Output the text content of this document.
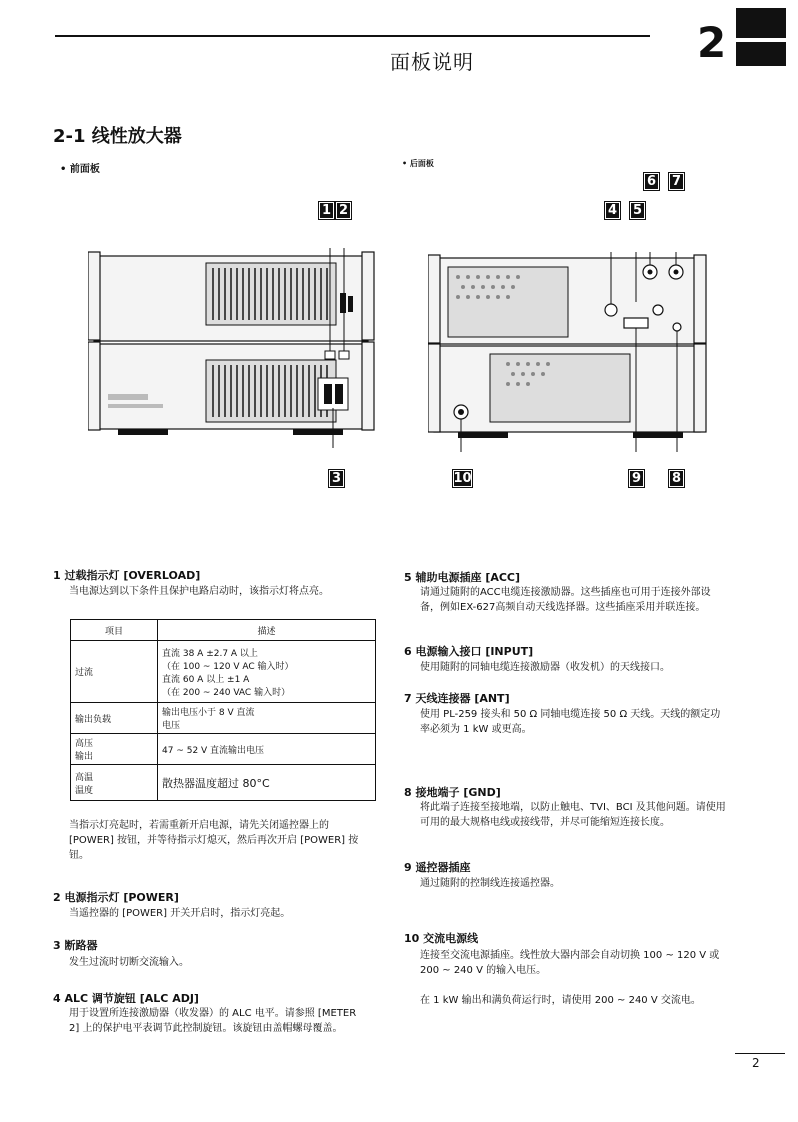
2
面板说明
2-1 线性放大器
• 前面板
• 后面板
1 2
3
4	5
6	7
8
9
10
1 过载指示灯 [OVERLOAD]
当电源达到以下条件且保护电路启动时，该指示灯将点亮。
项目	描述
过流	直流 38 A ±2.7 A 以上
（在 100 ~ 120 V AC 输入时）
直流 60 A 以上 ±1 A
（在 200 ~ 240 VAC 输入时）

输出负载	输出电压小于 8 V 直流
电压

高压
输出	47 ~ 52 V 直流输出电压

高温
温度	散热器温度超过 80°C
当指示灯亮起时，若需重新开启电源，请先关闭遥控器上的 [POWER] 按钮，并等待指示灯熄灭，然后再次开启 [POWER] 按钮。
2 电源指示灯 [POWER]
当遥控器的 [POWER] 开关开启时，指示灯亮起。
3 断路器
发生过流时切断交流输入。
4 ALC 调节旋钮 [ALC ADJ]
用于设置所连接激励器（收发器）的 ALC 电平。请参照 [METER 2] 上的保护电平表调节此控制旋钮。该旋钮由盖帽螺母覆盖。
5 辅助电源插座 [ACC]
请通过随附的ACC电缆连接激励器。这些插座也可用于连接外部设备，例如EX-627高频自动天线选择器。这些插座采用并联连接。
6 电源输入接口 [INPUT]
使用随附的同轴电缆连接激励器（收发机）的天线接口。
7 天线连接器 [ANT]
使用 PL-259 接头和 50 Ω 同轴电缆连接 50 Ω 天线。天线的额定功率必须为 1 kW 或更高。
8 接地端子 [GND]
将此端子连接至接地端，以防止触电、TVI、BCI 及其他问题。请使用可用的最大规格电线或接线带，并尽可能缩短连接长度。
9 遥控器插座
通过随附的控制线连接遥控器。
10 交流电源线
连接至交流电源插座。线性放大器内部会自动切换 100 ~ 120 V 或 200 ~ 240 V 的输入电压。
在 1 kW 输出和满负荷运行时，请使用 200 ~ 240 V 交流电。
2
